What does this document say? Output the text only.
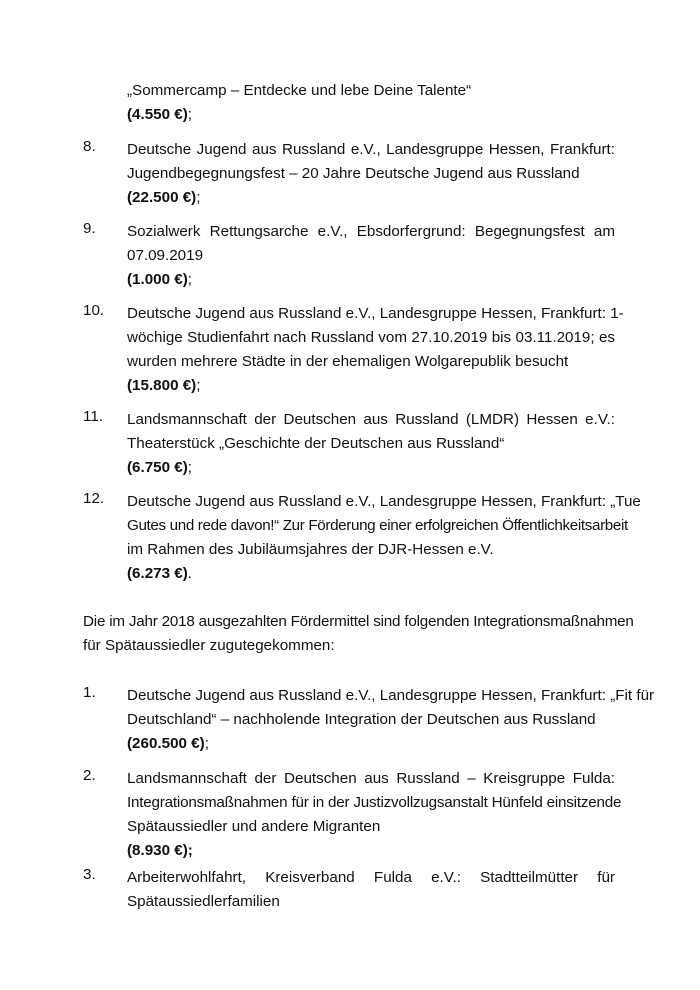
„Sommercamp – Entdecke und lebe Deine Talente“
(4.550 €);
8.	Deutsche Jugend aus Russland e.V., Landesgruppe Hessen, Frankfurt:
Jugendbegegnungsfest – 20 Jahre Deutsche Jugend aus Russland
(22.500 €);
9.	Sozialwerk Rettungsarche e.V., Ebsdorfergrund: Begegnungsfest am
07.09.2019
(1.000 €);
10.	Deutsche Jugend aus Russland e.V., Landesgruppe Hessen, Frankfurt: 1-
wöchige Studienfahrt nach Russland vom 27.10.2019 bis 03.11.2019; es
wurden mehrere Städte in der ehemaligen Wolgarepublik besucht
(15.800 €);
11.	Landsmannschaft der Deutschen aus Russland (LMDR) Hessen e.V.:
Theaterstück „Geschichte der Deutschen aus Russland“
(6.750 €);
12.	Deutsche Jugend aus Russland e.V., Landesgruppe Hessen, Frankfurt: „Tue
Gutes und rede davon!“ Zur Förderung einer erfolgreichen Öffentlichkeitsarbeit
im Rahmen des Jubiläumsjahres der DJR-Hessen e.V.
(6.273 €).
Die im Jahr 2018 ausgezahlten Fördermittel sind folgenden Integrationsmaßnahmen
für Spätaussiedler zugutegekommen:
1.	Deutsche Jugend aus Russland e.V., Landesgruppe Hessen, Frankfurt: „Fit für
Deutschland“ – nachholende Integration der Deutschen aus Russland
(260.500 €);
2.	Landsmannschaft der Deutschen aus Russland – Kreisgruppe Fulda:
Integrationsmaßnahmen für in der Justizvollzugsanstalt Hünfeld einsitzende
Spätaussiedler und andere Migranten
(8.930 €);
3.	Arbeiterwohlfahrt, Kreisverband Fulda e.V.: Stadtteilmütter für
Spätaussiedlerfamilien
